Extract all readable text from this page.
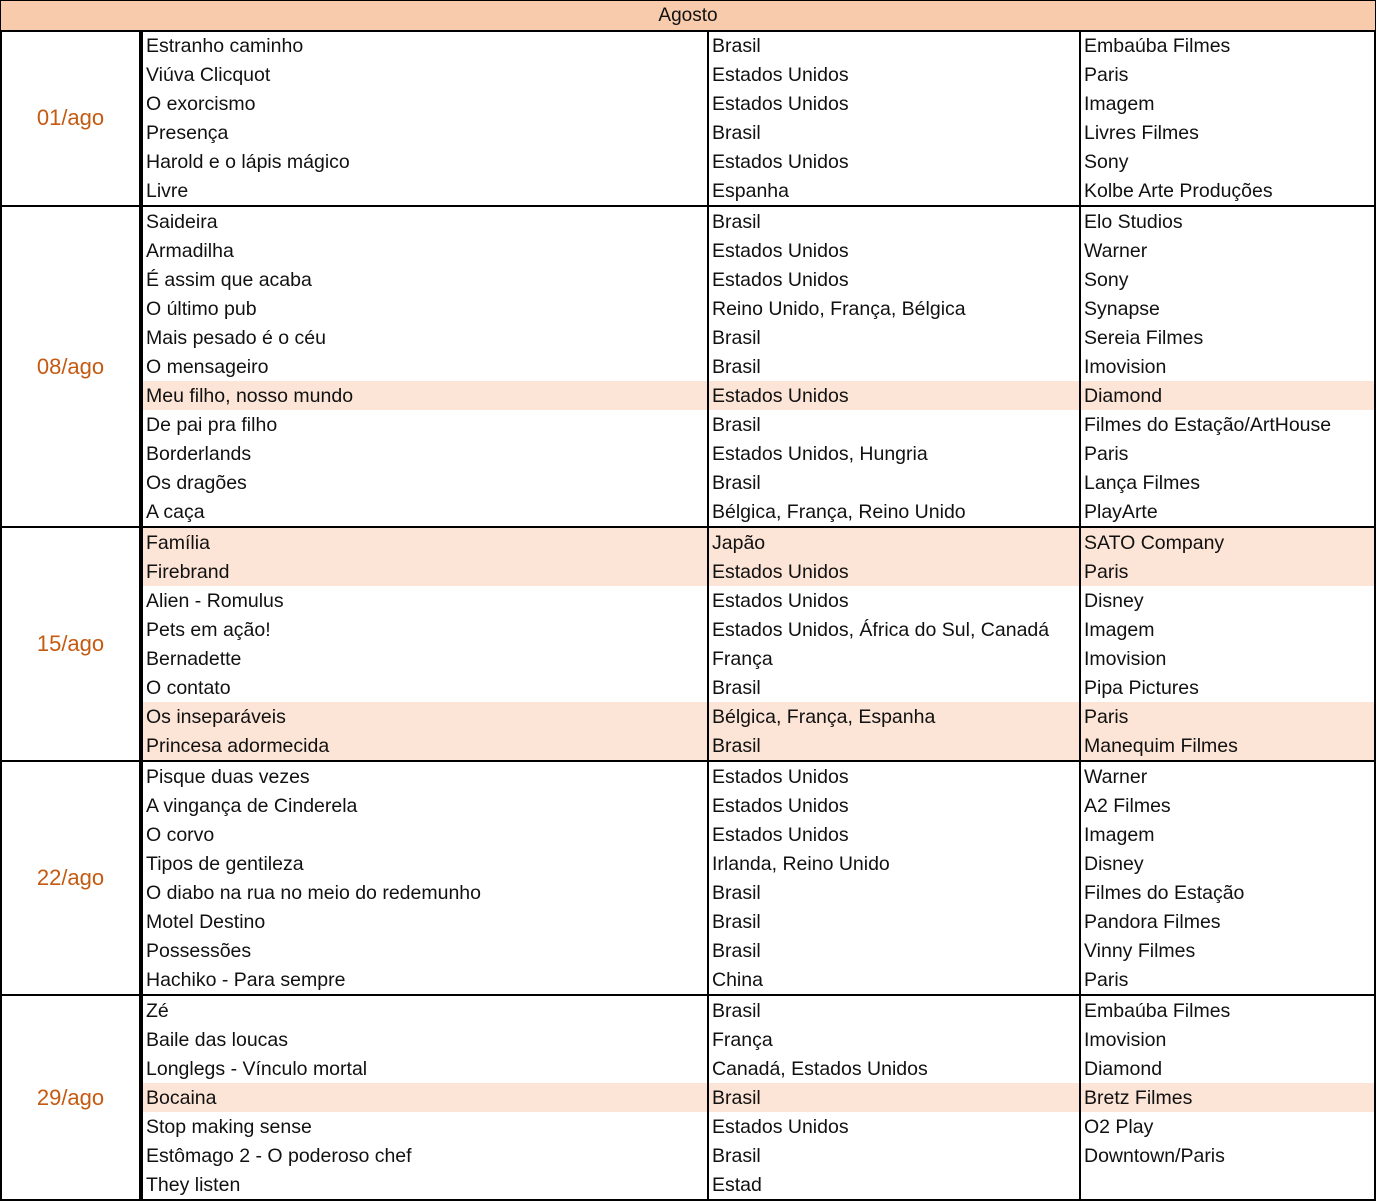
Agosto
01/ago
Estranho caminho	Brasil	Embaúba Filmes
Viúva Clicquot	Estados Unidos	Paris
O exorcismo	Estados Unidos	Imagem
Presença	Brasil	Livres Filmes
Harold e o lápis mágico	Estados Unidos	Sony
Livre	Espanha	Kolbe Arte Produções
08/ago
Saideira	Brasil	Elo Studios
Armadilha	Estados Unidos	Warner
É assim que acaba	Estados Unidos	Sony
O último pub	Reino Unido, França, Bélgica	Synapse
Mais pesado é o céu	Brasil	Sereia Filmes
O mensageiro	Brasil	Imovision
Meu filho, nosso mundo	Estados Unidos	Diamond
De pai pra filho	Brasil	Filmes do Estação/ArtHouse
Borderlands	Estados Unidos, Hungria	Paris
Os dragões	Brasil	Lança Filmes
A caça	Bélgica, França, Reino Unido	PlayArte
15/ago
Família	Japão	SATO Company
Firebrand	Estados Unidos	Paris
Alien - Romulus	Estados Unidos	Disney
Pets em ação!	Estados Unidos, África do Sul, Canadá	Imagem
Bernadette	França	Imovision
O contato	Brasil	Pipa Pictures
Os inseparáveis	Bélgica, França, Espanha	Paris
Princesa adormecida	Brasil	Manequim Filmes
22/ago
Pisque duas vezes	Estados Unidos	Warner
A vingança de Cinderela	Estados Unidos	A2 Filmes
O corvo	Estados Unidos	Imagem
Tipos de gentileza	Irlanda, Reino Unido	Disney
O diabo na rua no meio do redemunho	Brasil	Filmes do Estação
Motel Destino	Brasil	Pandora Filmes
Possessões	Brasil	Vinny Filmes
Hachiko - Para sempre	China	Paris
29/ago
Zé	Brasil	Embaúba Filmes
Baile das loucas	França	Imovision
Longlegs - Vínculo mortal	Canadá, Estados Unidos	Diamond
Bocaina	Brasil	Bretz Filmes
Stop making sense	Estados Unidos	O2 Play
Estômago 2 - O poderoso chef	Brasil	Downtown/Paris
They listen	Estad
